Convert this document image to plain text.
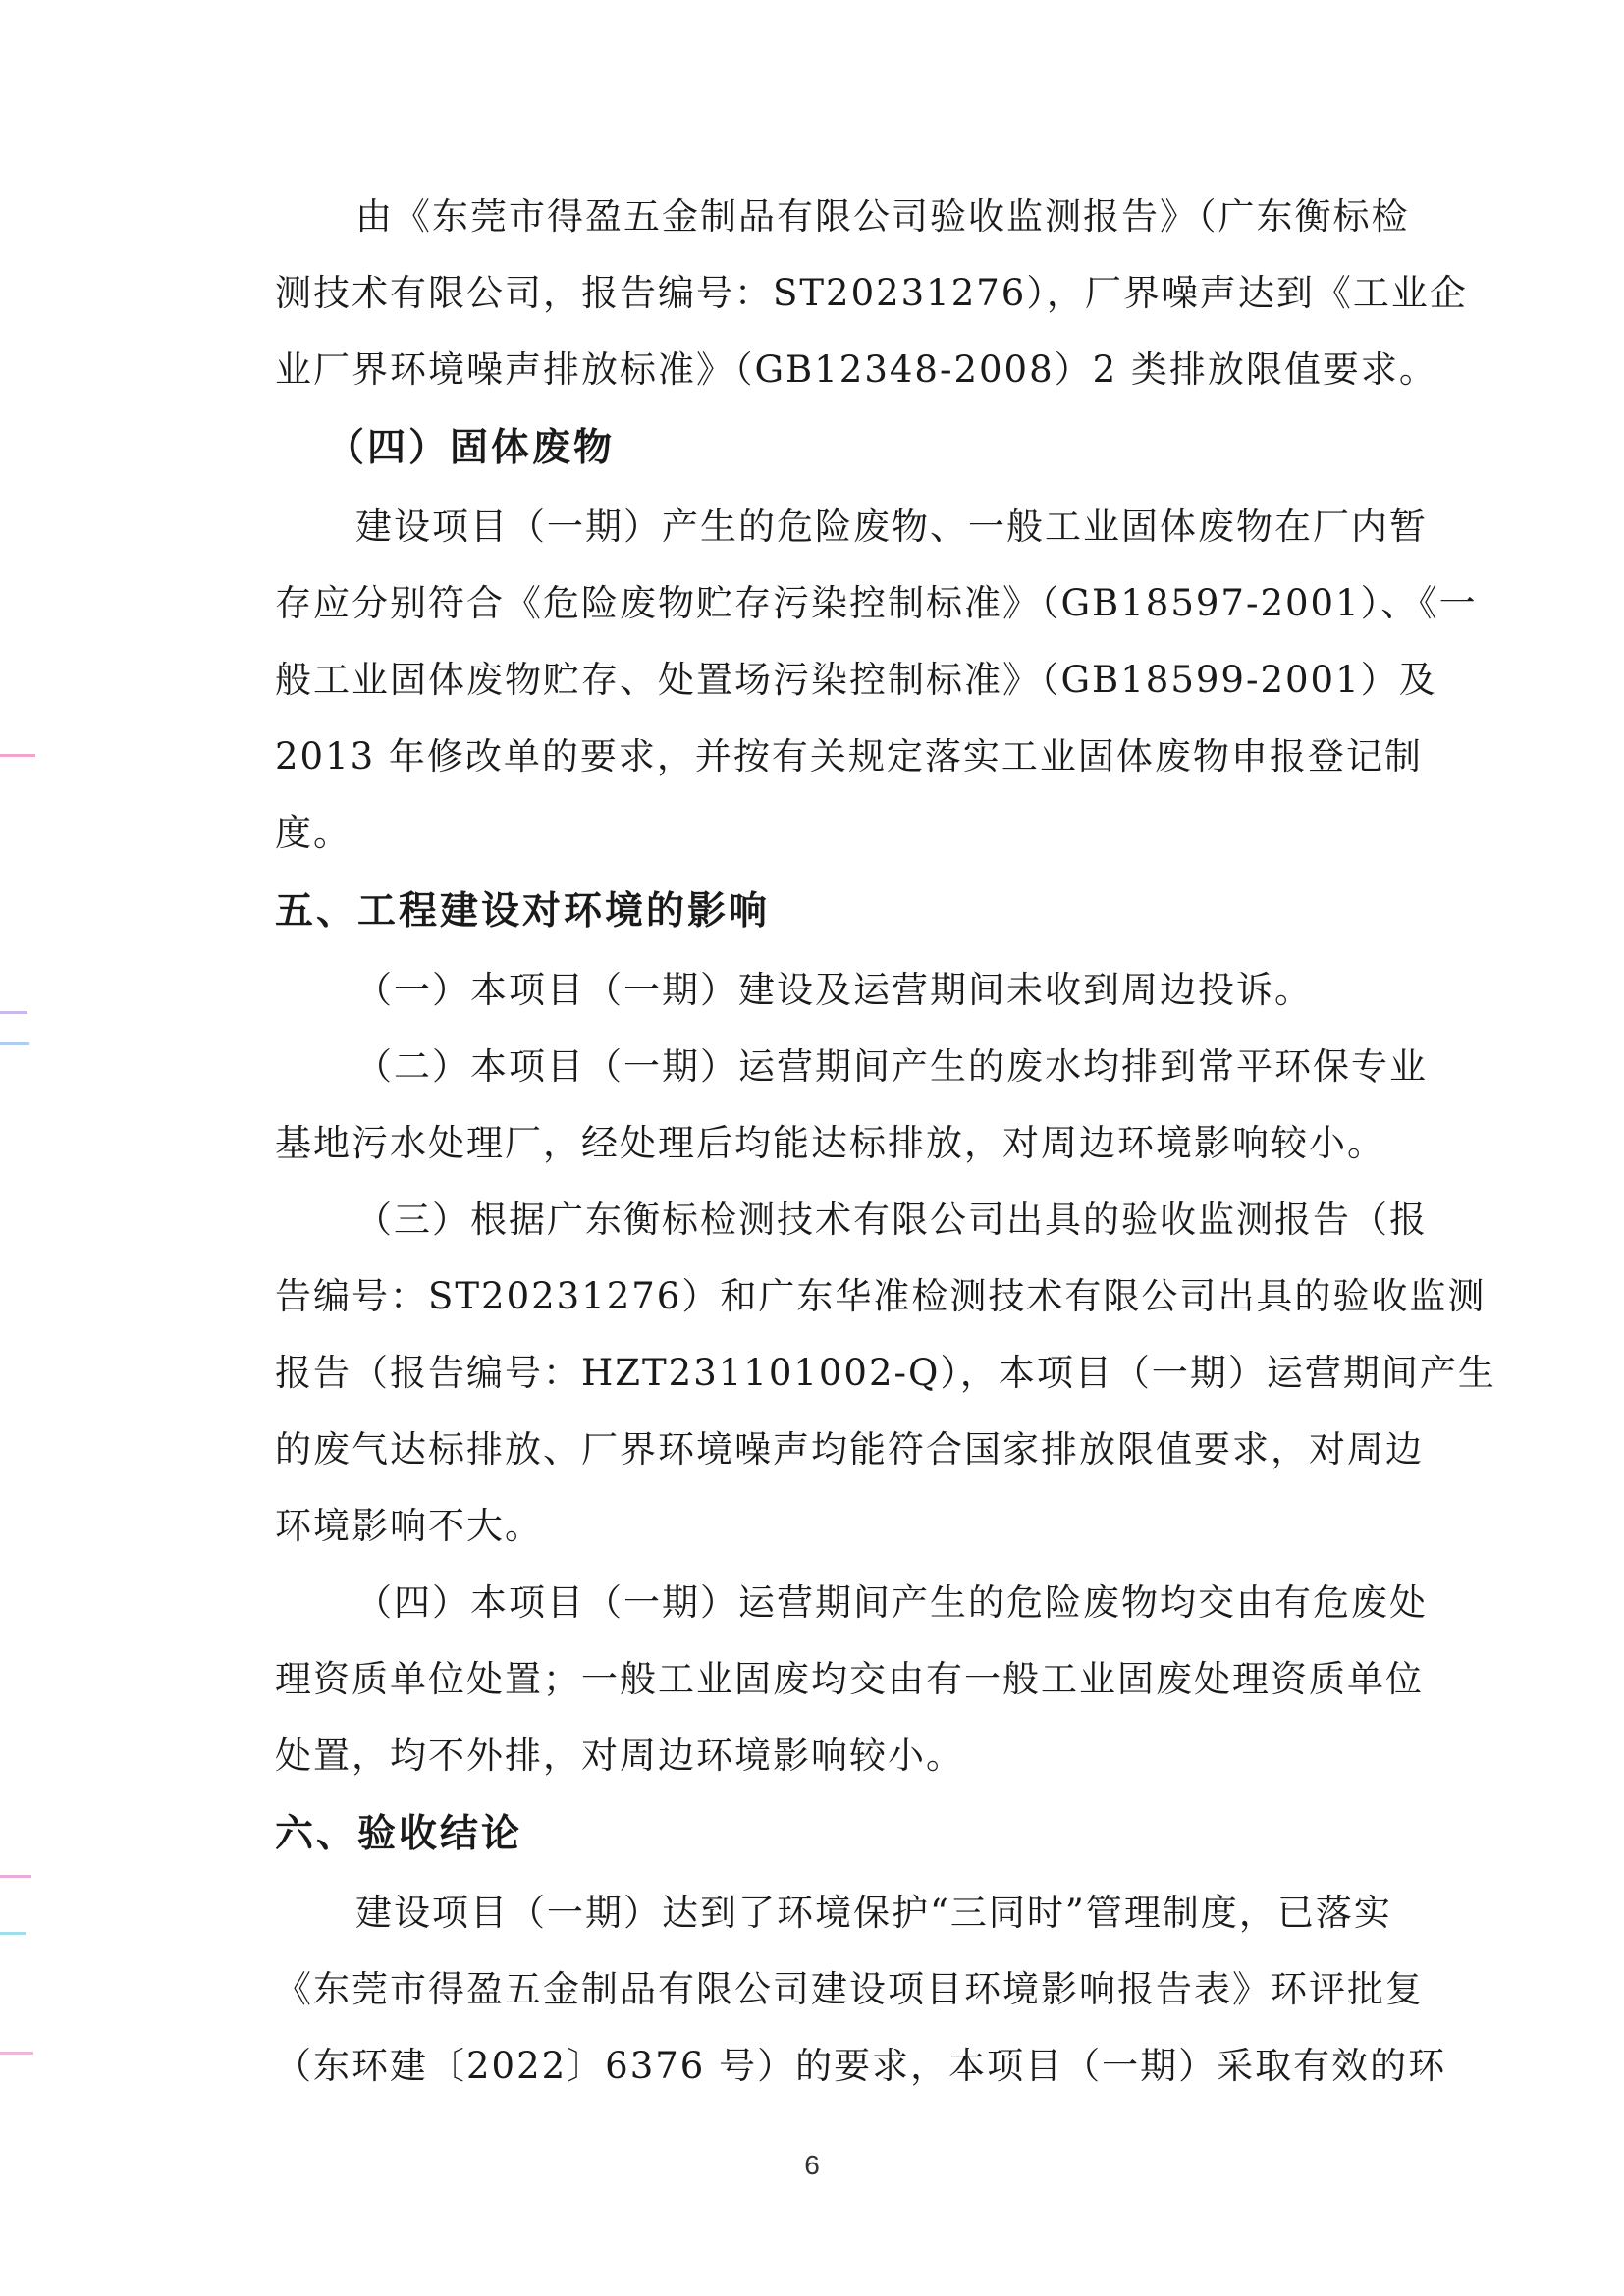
由《东莞市得盈五金制品有限公司验收监测报告》（广东衡标检

测技术有限公司，报告编号：ST20231276），厂界噪声达到《工业企

业厂界环境噪声排放标准》（GB12348-2008）2 类排放限值要求。

（四）固体废物

建设项目（一期）产生的危险废物、一般工业固体废物在厂内暂

存应分别符合《危险废物贮存污染控制标准》（GB18597-2001）、《一

般工业固体废物贮存、处置场污染控制标准》（GB18599-2001）及

2013 年修改单的要求，并按有关规定落实工业固体废物申报登记制

度。

五、工程建设对环境的影响

（一）本项目（一期）建设及运营期间未收到周边投诉。

（二）本项目（一期）运营期间产生的废水均排到常平环保专业

基地污水处理厂，经处理后均能达标排放，对周边环境影响较小。

（三）根据广东衡标检测技术有限公司出具的验收监测报告（报

告编号：ST20231276）和广东华准检测技术有限公司出具的验收监测

报告（报告编号：HZT231101002-Q），本项目（一期）运营期间产生

的废气达标排放、厂界环境噪声均能符合国家排放限值要求，对周边

环境影响不大。

（四）本项目（一期）运营期间产生的危险废物均交由有危废处

理资质单位处置；一般工业固废均交由有一般工业固废处理资质单位

处置，均不外排，对周边环境影响较小。

六、验收结论

建设项目（一期）达到了环境保护“三同时”管理制度，已落实

《东莞市得盈五金制品有限公司建设项目环境影响报告表》环评批复

（东环建〔2022〕6376 号）的要求，本项目（一期）采取有效的环

6
